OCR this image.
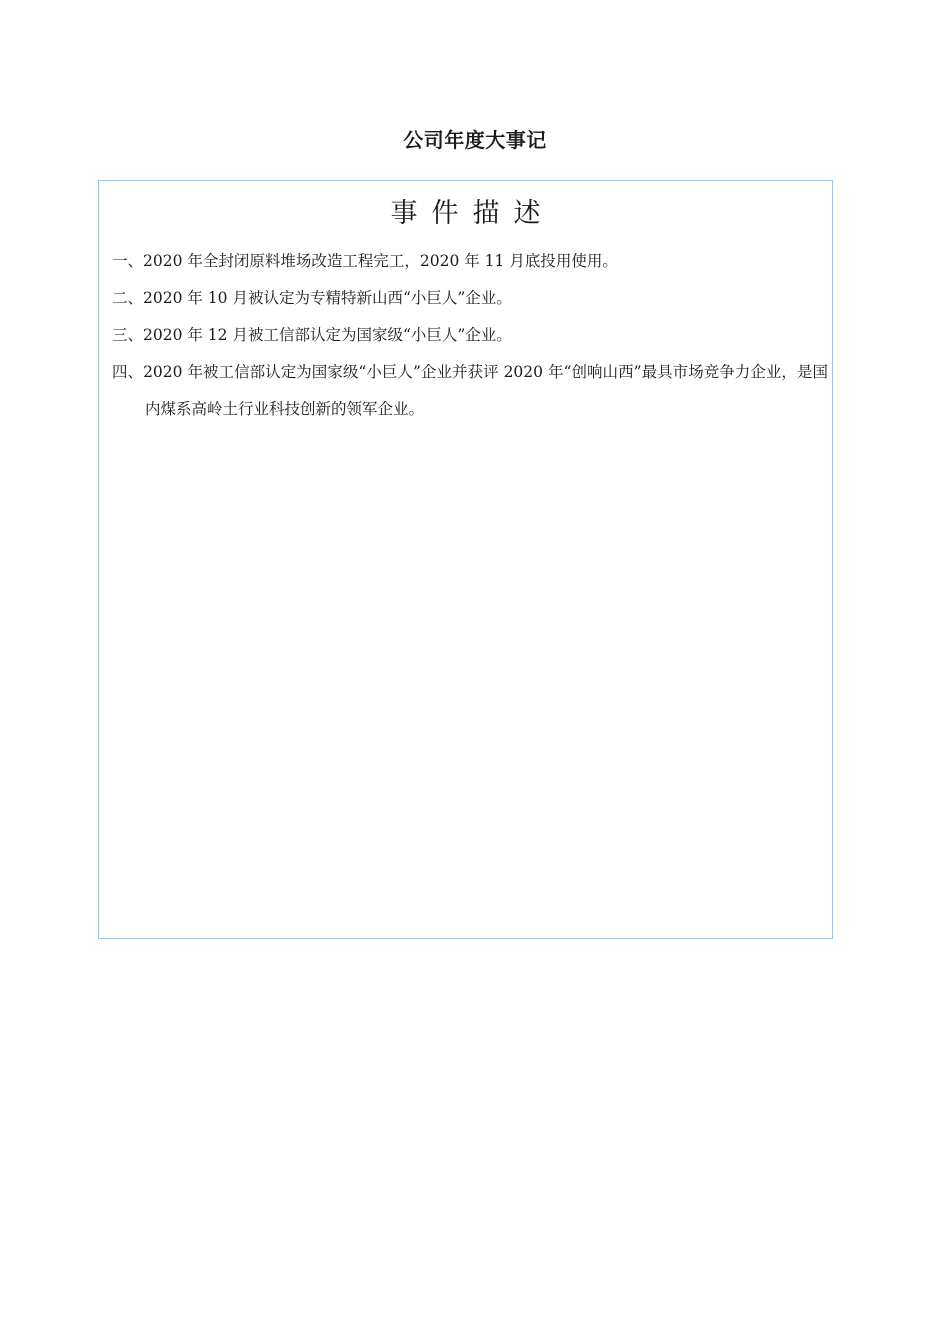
公司年度大事记
事件描述
一、2020 年全封闭原料堆场改造工程完工，2020 年 11 月底投用使用。
二、2020 年 10 月被认定为专精特新山西“小巨人”企业。
三、2020 年 12 月被工信部认定为国家级“小巨人”企业。
四、2020 年被工信部认定为国家级“小巨人”企业并获评 2020 年“创响山西”最具市场竞争力企业，是国内煤系高岭土行业科技创新的领军企业。
